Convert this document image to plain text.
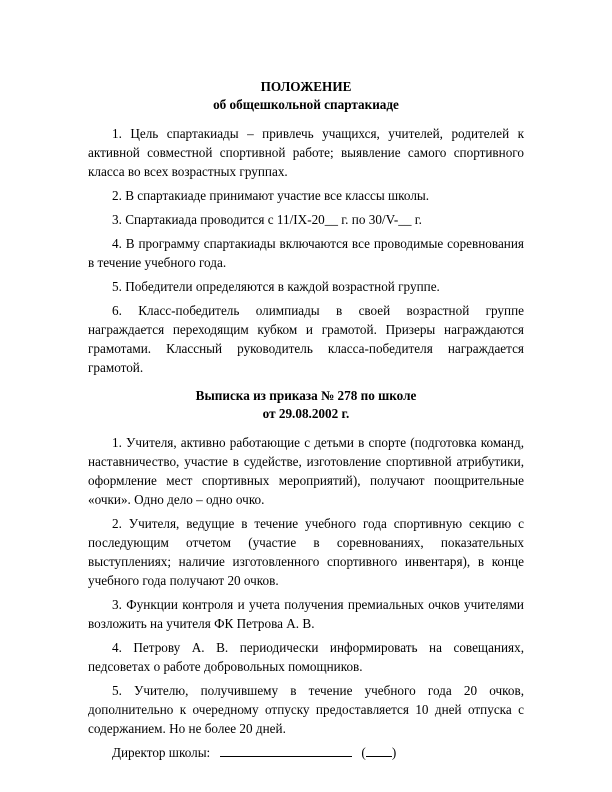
ПОЛОЖЕНИЕ
об общешкольной спартакиаде

1. Цель спартакиады – привлечь учащихся, учителей, родителей к активной совместной спортивной работе; выявление самого спортивного класса во всех возрастных группах.

2. В спартакиаде принимают участие все классы школы.

3. Спартакиада проводится с 11/IX-20__ г. по 30/V-__ г.

4. В программу спартакиады включаются все проводимые соревнования в течение учебного года.

5. Победители определяются в каждой возрастной группе.

6. Класс-победитель олимпиады в своей возрастной группе награждается переходящим кубком и грамотой. Призеры награждаются грамотами. Классный руководитель класса-победителя награждается грамотой.

Выписка из приказа № 278 по школе
от 29.08.2002 г.

1. Учителя, активно работающие с детьми в спорте (подготовка команд, наставничество, участие в судействе, изготовление спортивной атрибутики, оформление мест спортивных мероприятий), получают поощрительные «очки». Одно дело – одно очко.

2. Учителя, ведущие в течение учебного года спортивную секцию с последующим отчетом (участие в соревнованиях, показательных выступлениях; наличие изготовленного спортивного инвентаря), в конце учебного года получают 20 очков.

3. Функции контроля и учета получения премиальных очков учителями возложить на учителя ФК Петрова А. В.

4. Петрову А. В. периодически информировать на совещаниях, педсоветах о работе добровольных помощников.

5. Учителю, получившему в течение учебного года 20 очков, дополнительно к очередному отпуску предоставляется 10 дней отпуска с содержанием. Но не более 20 дней.

Директор школы:	( )
